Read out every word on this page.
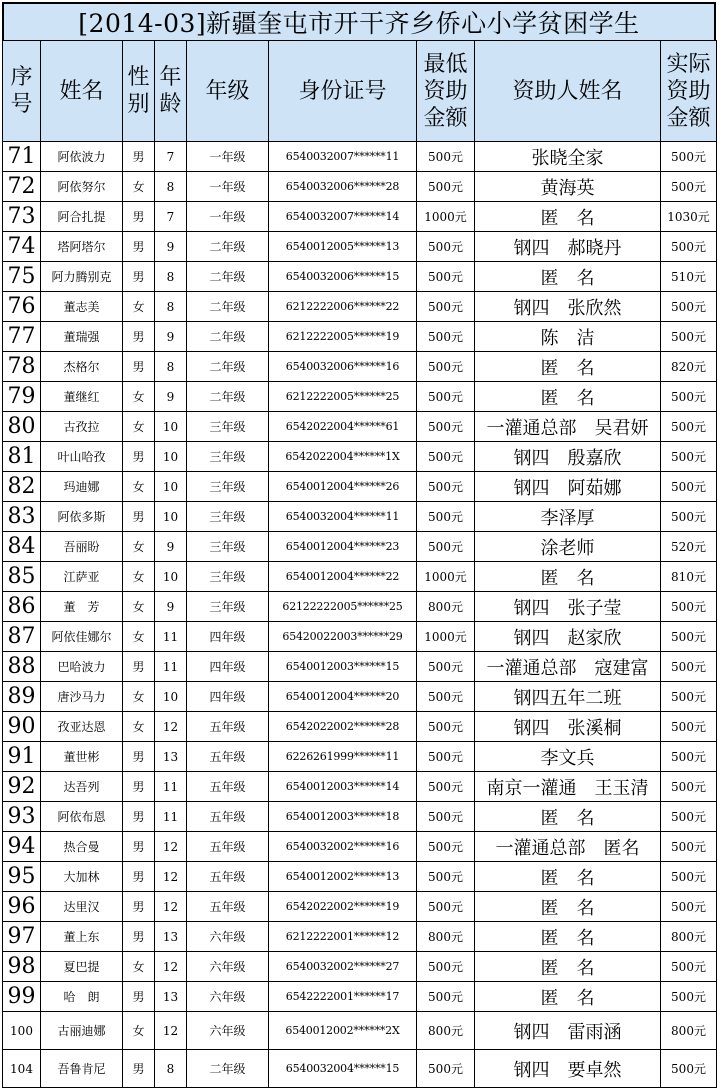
[2014-03]新疆奎屯市开干齐乡侨心小学贫困学生
序号	姓名	性别	年龄	年级	身份证号	最低资助金额	资助人姓名	实际资助金额
71	阿依波力	男	7	一年级	6540032007******11	500元	张晓全家	500元
72	阿依努尔	女	8	一年级	6540032006******28	500元	黄海英	500元
73	阿合扎提	男	7	一年级	6540032007******14	1000元	匿　名	1030元
74	塔阿塔尔	男	9	二年级	6540012005******13	500元	钢四　郝晓丹	500元
75	阿力腾别克	男	8	二年级	6540032006******15	500元	匿　名	510元
76	董志美	女	8	二年级	6212222006******22	500元	钢四　张欣然	500元
77	董瑞强	男	9	二年级	6212222005******19	500元	陈　洁	500元
78	杰格尔	男	8	二年级	6540032006******16	500元	匿　名	820元
79	董继红	女	9	二年级	6212222005******25	500元	匿　名	500元
80	古孜拉	女	10	三年级	6542022004******61	500元	一灌通总部　吴君妍	500元
81	叶山哈孜	男	10	三年级	6542022004******1X	500元	钢四　殷嘉欣	500元
82	玛迪娜	女	10	三年级	6540012004******26	500元	钢四　阿茹娜	500元
83	阿依多斯	男	10	三年级	6540032004******11	500元	李泽厚	500元
84	吾丽盼	女	9	三年级	6540012004******23	500元	涂老师	520元
85	江萨亚	女	10	三年级	6540012004******22	1000元	匿　名	810元
86	董　芳	女	9	三年级	62122222005******25	800元	钢四　张子莹	500元
87	阿依佳娜尔	女	11	四年级	65420022003******29	1000元	钢四　赵家欣	500元
88	巴哈波力	男	11	四年级	6540012003******15	500元	一灌通总部　寇建富	500元
89	唐沙马力	女	10	四年级	6540012004******20	500元	钢四五年二班	500元
90	孜亚达恩	女	12	五年级	6542022002******28	500元	钢四　张溪桐	500元
91	董世彬	男	13	五年级	6226261999******11	500元	李文兵	500元
92	达吾列	男	11	五年级	6540012003******14	500元	南京一灌通　王玉清	500元
93	阿依布恩	男	11	五年级	6540012003******18	500元	匿　名	500元
94	热合曼	男	12	五年级	6540032002******16	500元	一灌通总部　匿名	500元
95	大加林	男	12	五年级	6540012002******13	500元	匿　名	500元
96	达里汉	男	12	五年级	6542022002******19	500元	匿　名	500元
97	董上东	男	13	六年级	6212222001******12	800元	匿　名	800元
98	夏巴提	女	12	六年级	6540032002******27	500元	匿　名	500元
99	哈　朗	男	13	六年级	6542222001******17	500元	匿　名	500元
100	古丽迪娜	女	12	六年级	6540012002******2X	800元	钢四　雷雨涵	800元
104	吾鲁肯尼	男	8	二年级	6540032004******15	500元	钢四　要卓然	500元
